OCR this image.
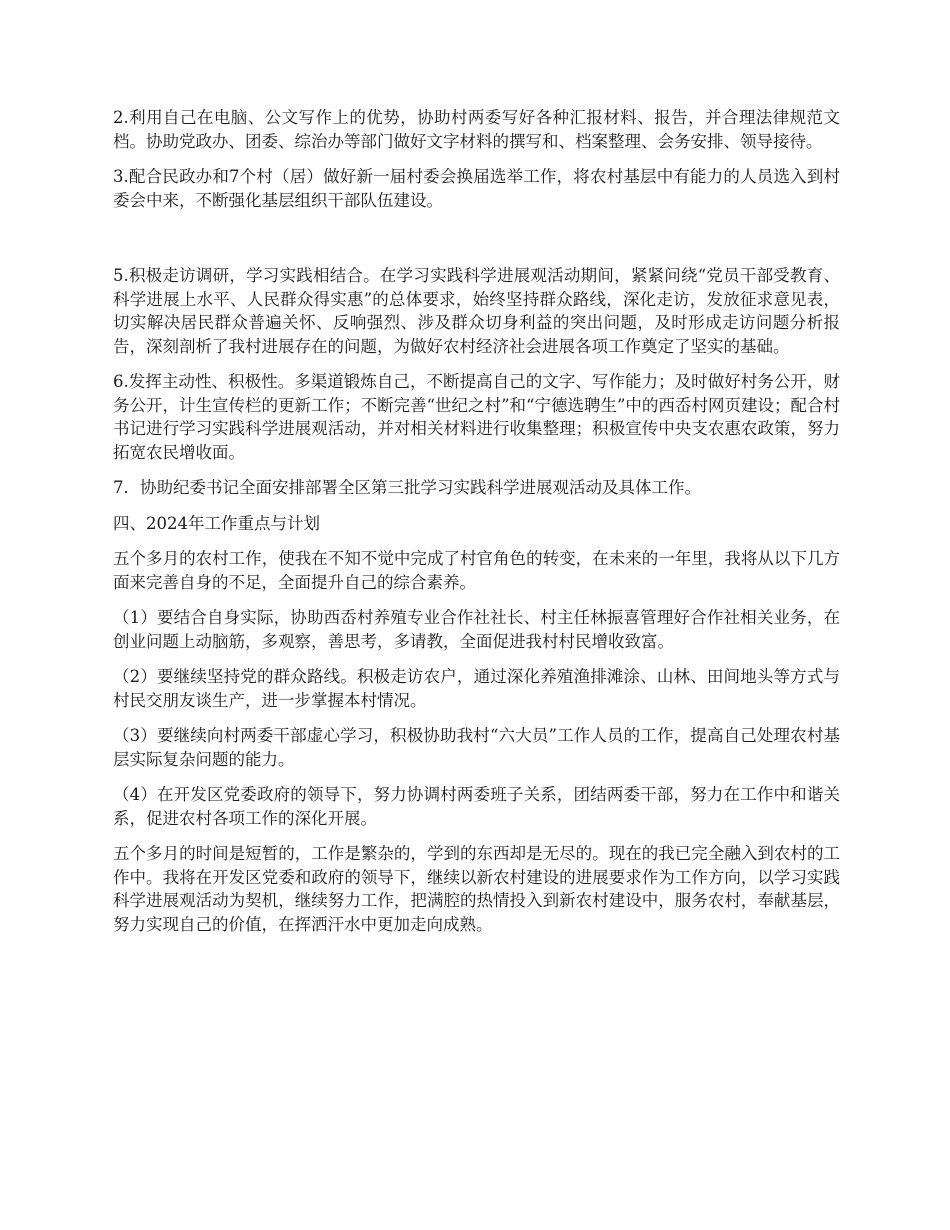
2.利用自己在电脑、公文写作上的优势，协助村两委写好各种汇报材料、报告，并合理法律规范文档。协助党政办、团委、综治办等部门做好文字材料的撰写和、档案整理、会务安排、领导接待。

3.配合民政办和7个村（居）做好新一届村委会换届选举工作，将农村基层中有能力的人员选入到村委会中来，不断强化基层组织干部队伍建设。

5.积极走访调研，学习实践相结合。在学习实践科学进展观活动期间，紧紧问绕“党员干部受教育、科学进展上水平、人民群众得实惠”的总体要求，始终坚持群众路线，深化走访，发放征求意见表，切实解决居民群众普遍关怀、反响强烈、涉及群众切身利益的突出问题，及时形成走访问题分析报告，深刻剖析了我村进展存在的问题，为做好农村经济社会进展各项工作奠定了坚实的基础。

6.发挥主动性、积极性。多渠道锻炼自己，不断提高自己的文字、写作能力；及时做好村务公开，财务公开，计生宣传栏的更新工作；不断完善“世纪之村”和“宁德选聘生”中的西岙村网页建设；配合村书记进行学习实践科学进展观活动，并对相关材料进行收集整理；积极宣传中央支农惠农政策，努力拓宽农民增收面。

7．协助纪委书记全面安排部署全区第三批学习实践科学进展观活动及具体工作。

四、2024年工作重点与计划

五个多月的农村工作，使我在不知不觉中完成了村官角色的转变，在未来的一年里，我将从以下几方面来完善自身的不足，全面提升自己的综合素养。

（1）要结合自身实际，协助西岙村养殖专业合作社社长、村主任林振喜管理好合作社相关业务，在创业问题上动脑筋，多观察，善思考，多请教，全面促进我村村民增收致富。

（2）要继续坚持党的群众路线。积极走访农户，通过深化养殖渔排滩涂、山林、田间地头等方式与村民交朋友谈生产，进一步掌握本村情况。

（3）要继续向村两委干部虚心学习，积极协助我村“六大员”工作人员的工作，提高自己处理农村基层实际复杂问题的能力。

（4）在开发区党委政府的领导下，努力协调村两委班子关系，团结两委干部，努力在工作中和谐关系，促进农村各项工作的深化开展。

五个多月的时间是短暂的，工作是繁杂的，学到的东西却是无尽的。现在的我已完全融入到农村的工作中。我将在开发区党委和政府的领导下，继续以新农村建设的进展要求作为工作方向，以学习实践科学进展观活动为契机，继续努力工作，把满腔的热情投入到新农村建设中，服务农村，奉献基层，努力实现自己的价值，在挥洒汗水中更加走向成熟。
